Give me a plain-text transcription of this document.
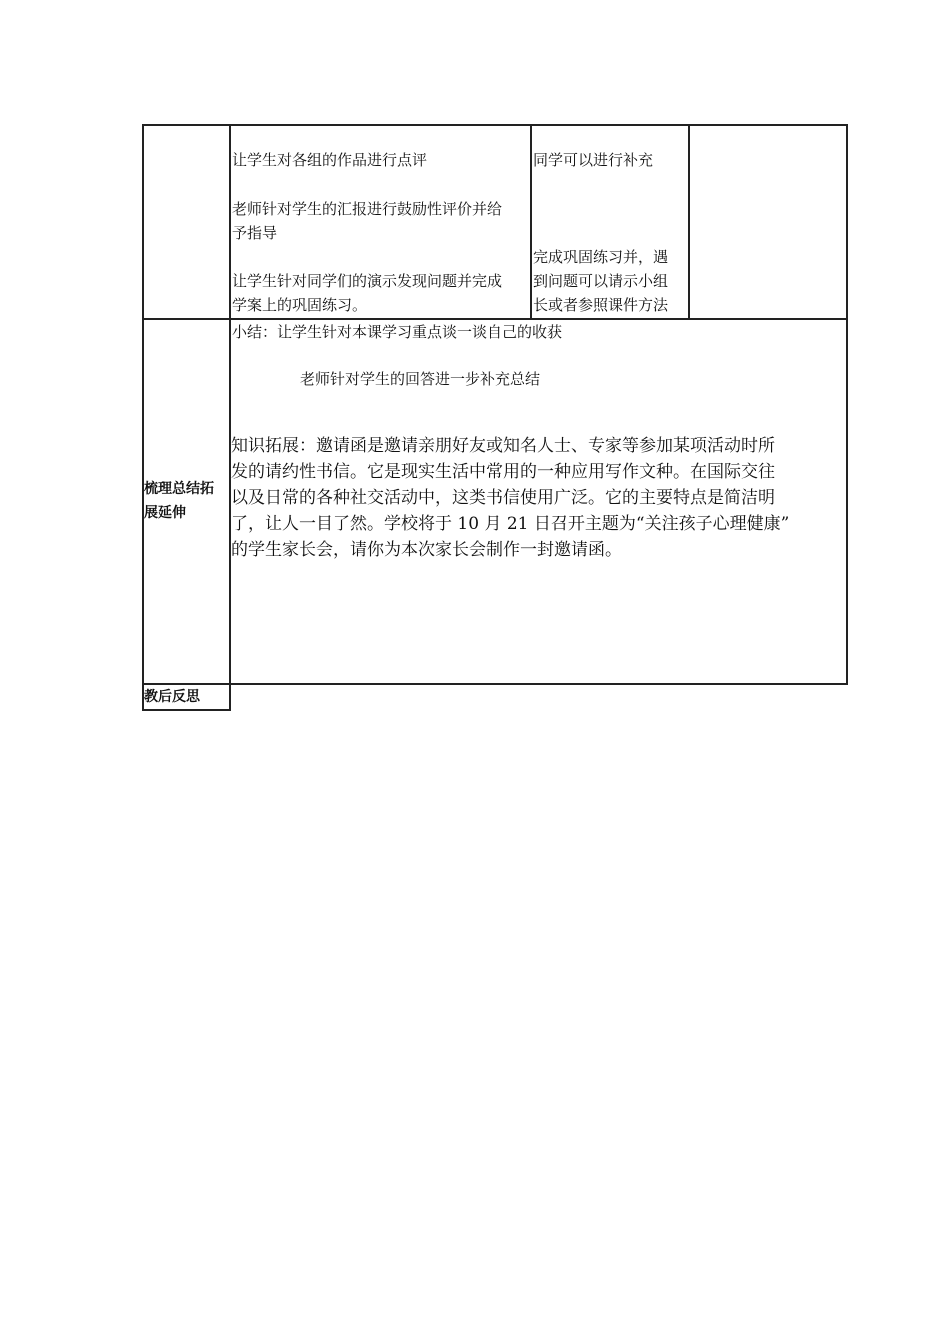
让学生对各组的作品进行点评
老师针对学生的汇报进行鼓励性评价并给
予指导
让学生针对同学们的演示发现问题并完成
学案上的巩固练习。
同学可以进行补充
完成巩固练习并，遇
到问题可以请示小组
长或者参照课件方法
梳理总结拓
展延伸
小结：让学生针对本课学习重点谈一谈自己的收获
老师针对学生的回答进一步补充总结
知识拓展：邀请函是邀请亲朋好友或知名人士、专家等参加某项活动时所
发的请约性书信。它是现实生活中常用的一种应用写作文种。在国际交往
以及日常的各种社交活动中，这类书信使用广泛。它的主要特点是简洁明
了，让人一目了然。学校将于 10 月 21 日召开主题为“关注孩子心理健康”
的学生家长会，请你为本次家长会制作一封邀请函。
教后反思
